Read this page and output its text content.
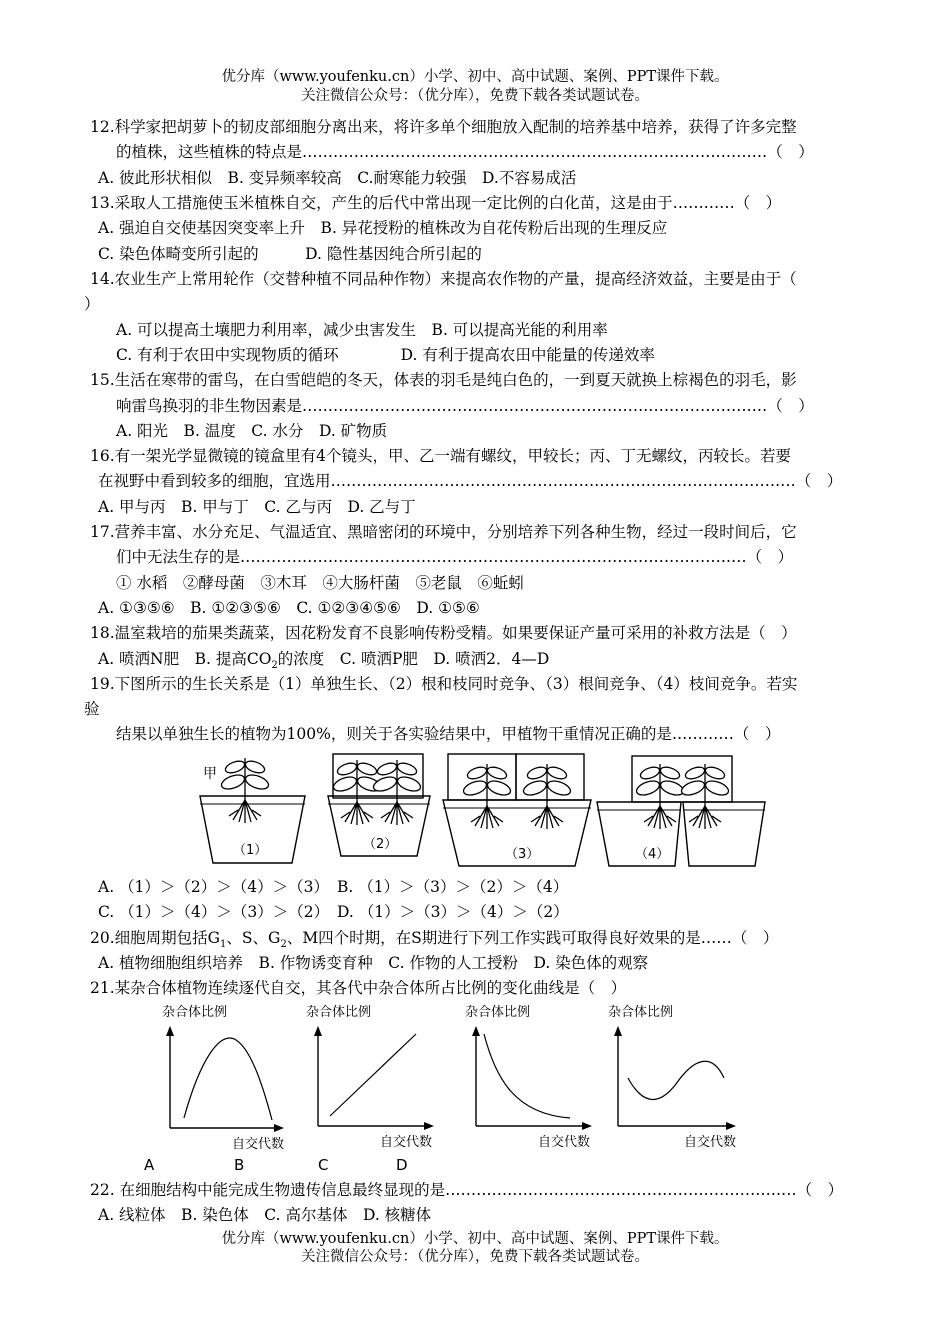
优分库（www.youfenku.cn）小学、初中、高中试题、案例、PPT课件下载。
关注微信公众号：（优分库），免费下载各类试题试卷。
12.科学家把胡萝卜的韧皮部细胞分离出来，将许多单个细胞放入配制的培养基中培养，获得了许多完整
的植株，这些植株的特点是‥‥‥‥‥‥‥‥‥‥‥‥‥‥‥‥‥‥‥‥‥‥‥‥‥‥‥‥‥‥‥‥‥‥‥‥‥‥‥‥‥‥‥‥‥（　）
A. 彼此形状相似　B. 变异频率较高　C.耐寒能力较强　D.不容易成活
13.采取人工措施使玉米植株自交，产生的后代中常出现一定比例的白化苗，这是由于‥‥‥‥‥‥（　）
A. 强迫自交使基因突变率上升　B. 异花授粉的植株改为自花传粉后出现的生理反应
C. 染色体畸变所引起的　　　D. 隐性基因纯合所引起的
14.农业生产上常用轮作（交替种植不同品种作物）来提高农作物的产量，提高经济效益，主要是由于（
）
A. 可以提高土壤肥力利用率，减少虫害发生　B. 可以提高光能的利用率
C. 有利于农田中实现物质的循环　　　　D. 有利于提高农田中能量的传递效率
15.生活在寒带的雷鸟，在白雪皑皑的冬天，体表的羽毛是纯白色的，一到夏天就换上棕褐色的羽毛，影
响雷鸟换羽的非生物因素是‥‥‥‥‥‥‥‥‥‥‥‥‥‥‥‥‥‥‥‥‥‥‥‥‥‥‥‥‥‥‥‥‥‥‥‥‥‥‥‥‥‥‥‥‥（　）
A. 阳光　B. 温度　C. 水分　D. 矿物质
16.有一架光学显微镜的镜盒里有4个镜头，甲、乙一端有螺纹，甲较长；丙、丁无螺纹，丙较长。若要
在视野中看到较多的细胞，宜选用‥‥‥‥‥‥‥‥‥‥‥‥‥‥‥‥‥‥‥‥‥‥‥‥‥‥‥‥‥‥‥‥‥‥‥‥‥‥‥‥‥‥‥‥‥（　）
A. 甲与丙　B. 甲与丁　C. 乙与丙　D. 乙与丁
17.营养丰富、水分充足、气温适宜、黑暗密闭的环境中，分别培养下列各种生物，经过一段时间后，它
们中无法生存的是‥‥‥‥‥‥‥‥‥‥‥‥‥‥‥‥‥‥‥‥‥‥‥‥‥‥‥‥‥‥‥‥‥‥‥‥‥‥‥‥‥‥‥‥‥‥‥‥‥（　）
① 水稻　②酵母菌　③木耳　④大肠杆菌　⑤老鼠　⑥蚯蚓
A. ①③⑤⑥　B. ①②③⑤⑥　C. ①②③④⑤⑥　D. ①⑤⑥
18.温室栽培的茄果类蔬菜，因花粉发育不良影响传粉受精。如果要保证产量可采用的补救方法是（　）
A. 喷洒N肥　B. 提高$CO_2$的浓度　C. 喷洒P肥　D. 喷洒2．4—D
19.下图所示的生长关系是（1）单独生长、（2）根和枝同时竞争、（3）根间竞争、（4）枝间竞争。若实
验
结果以单独生长的植物为100%，则关于各实验结果中，甲植物干重情况正确的是‥‥‥‥‥‥（　）
甲
（1）	（2）
（3）	（4）
A. （1）＞（2）＞（4）＞（3） B. （1）＞（3）＞（2）＞（4）
C. （1）＞（4）＞（3）＞（2） D. （1）＞（3）＞（4）＞（2）
20.细胞周期包括$G_1$、S、$G_2$、M四个时期，在S期进行下列工作实践可取得良好效果的是‥‥‥（　）
A. 植物细胞组织培养　B. 作物诱变育种　C. 作物的人工授粉　D. 染色体的观察
21.某杂合体植物连续逐代自交，其各代中杂合体所占比例的变化曲线是（　）
杂合体比例
自交代数
A
杂合体比例
自交代数
B
杂合体比例
自交代数
C
杂合体比例
自交代数
D
22. 在细胞结构中能完成生物遗传信息最终显现的是‥‥‥‥‥‥‥‥‥‥‥‥‥‥‥‥‥‥‥‥‥‥‥‥‥‥‥‥‥‥‥‥‥‥（　）
A. 线粒体　B. 染色体　C. 高尔基体　D. 核糖体
优分库（www.youfenku.cn）小学、初中、高中试题、案例、PPT课件下载。
关注微信公众号：（优分库），免费下载各类试题试卷。
